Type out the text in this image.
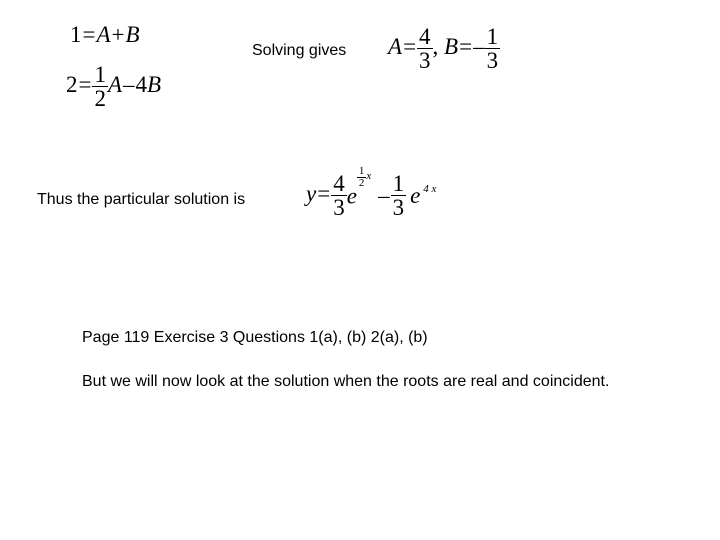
1=A+B
$2= \frac{1}{2} A-4B$
Solving gives $A= \frac{4}{3}$ , $B=- \frac{1}{3}$
Thus the particular solution is	$y= \frac{4}{3}$ e
$\frac{1}{2}$ x – $\frac{1}{3}$ e 4 x
Page 119 Exercise 3 Questions 1(a), (b) 2(a), (b)
But we will now look at the solution when the roots are real and coincident.
